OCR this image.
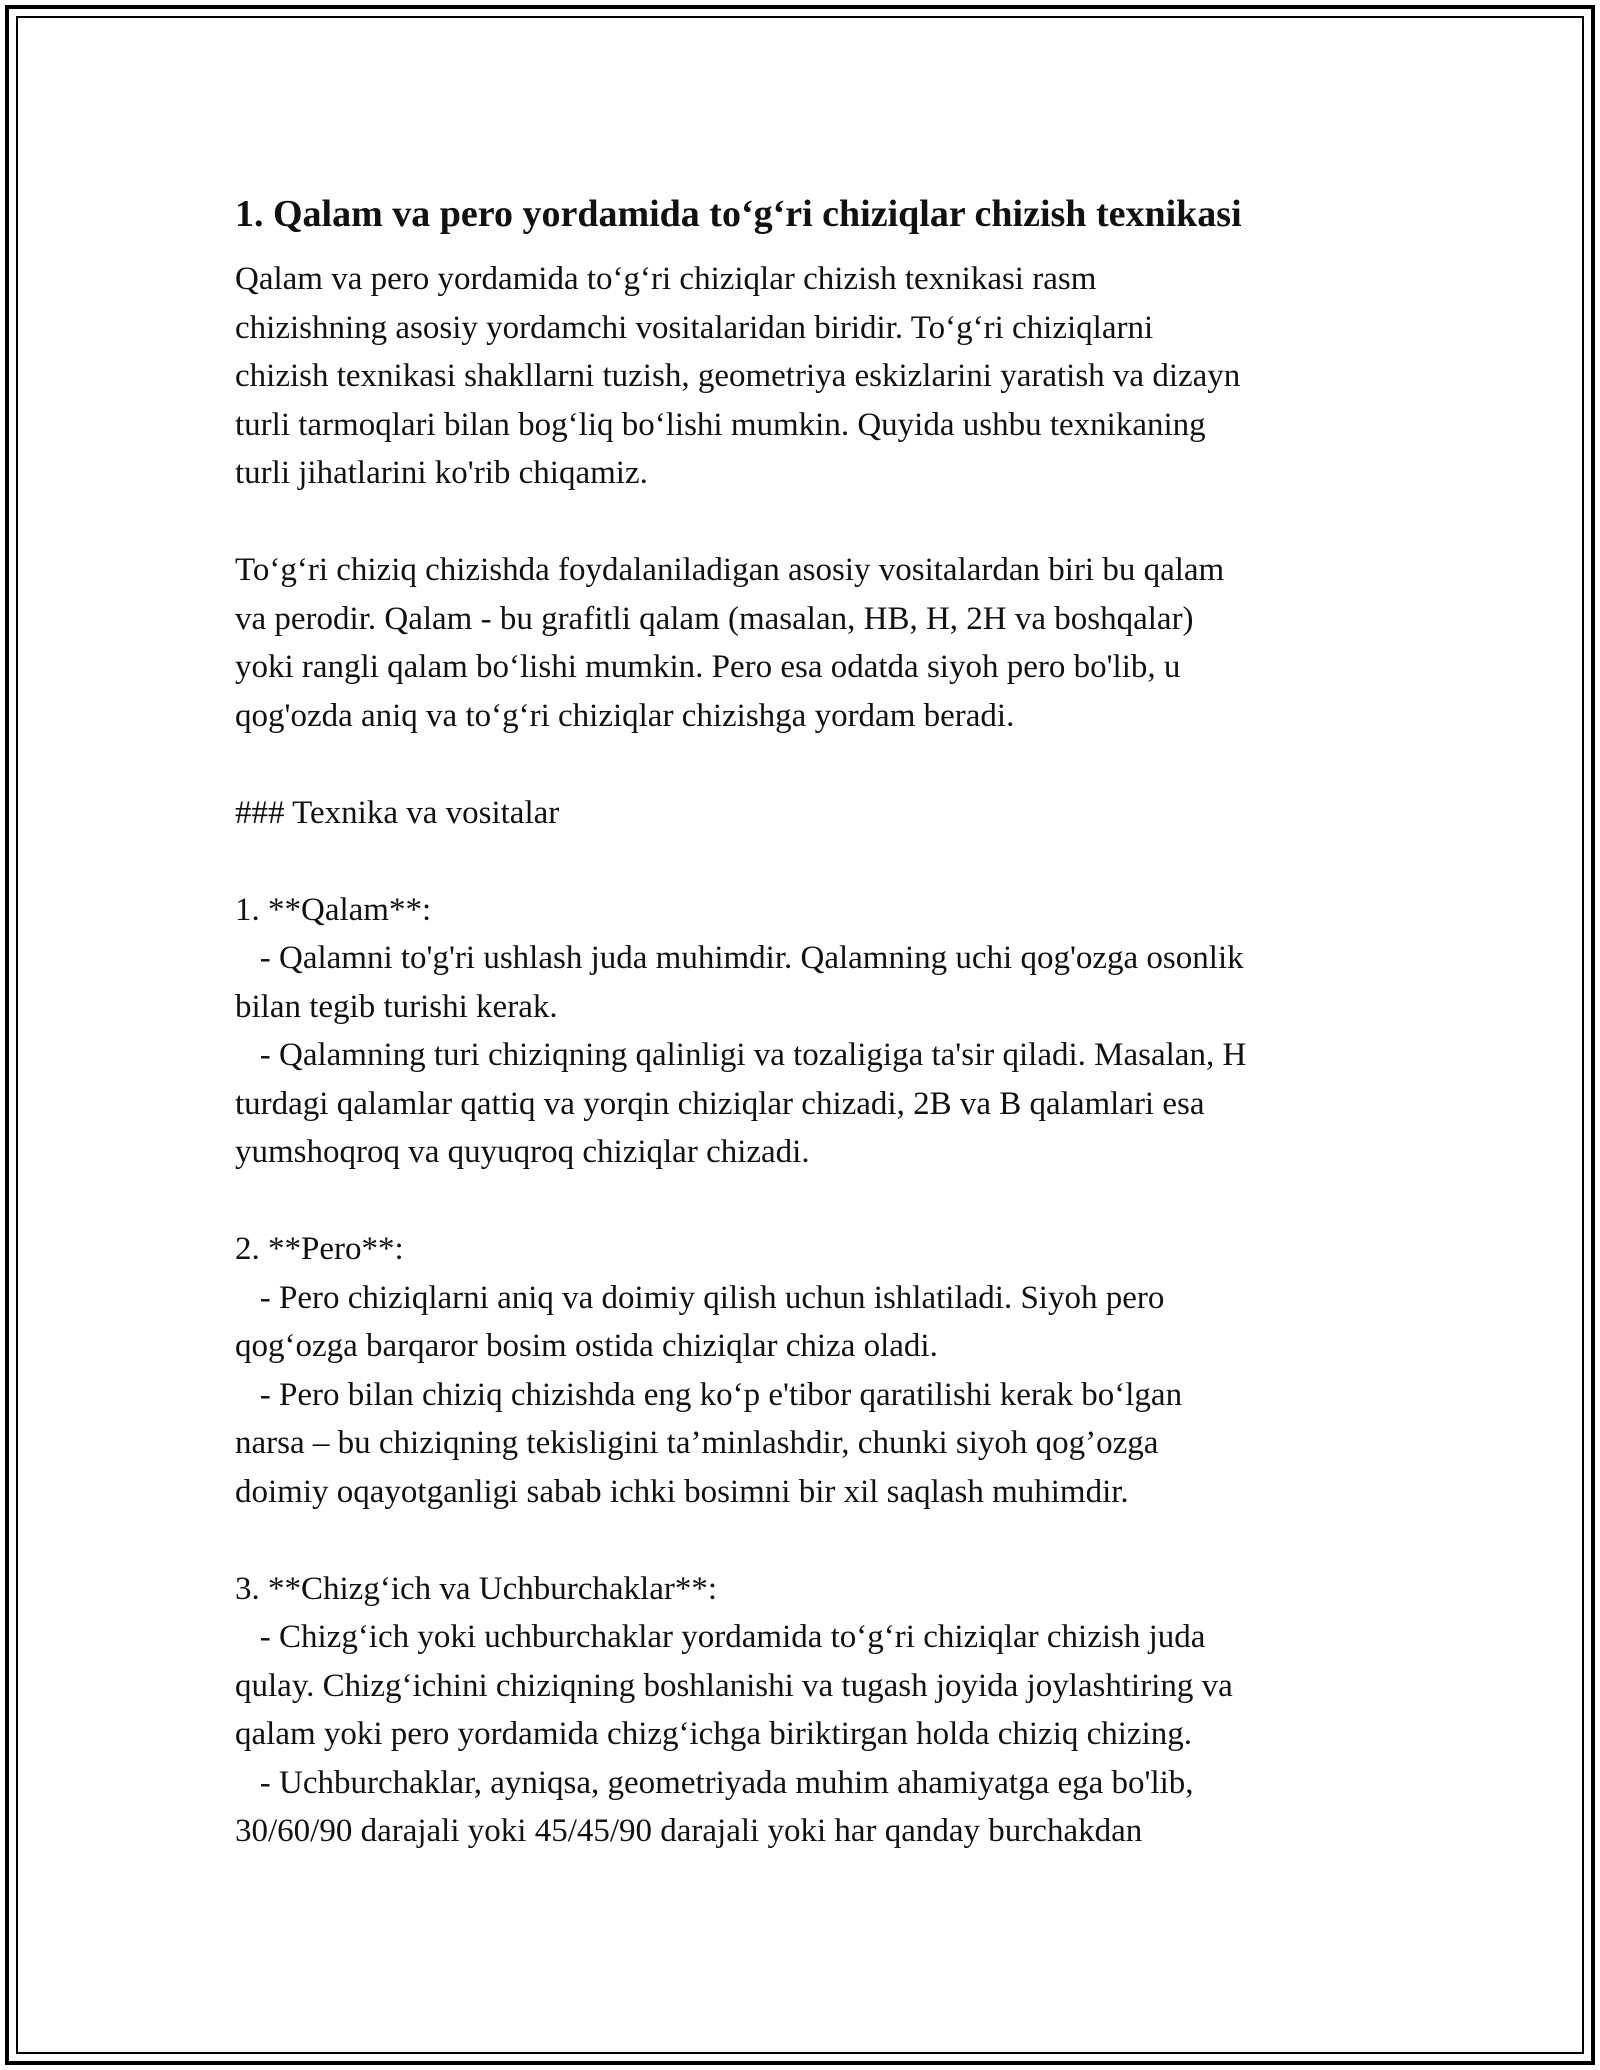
1. Qalam va pero yordamida to‘g‘ri chiziqlar chizish texnikasi
Qalam va pero yordamida to‘g‘ri chiziqlar chizish texnikasi rasm
chizishning asosiy yordamchi vositalaridan biridir. To‘g‘ri chiziqlarni
chizish texnikasi shakllarni tuzish, geometriya eskizlarini yaratish va dizayn
turli tarmoqlari bilan bog‘liq bo‘lishi mumkin. Quyida ushbu texnikaning
turli jihatlarini ko'rib chiqamiz.
To‘g‘ri chiziq chizishda foydalaniladigan asosiy vositalardan biri bu qalam
va perodir. Qalam - bu grafitli qalam (masalan, HB, H, 2H va boshqalar)
yoki rangli qalam bo‘lishi mumkin. Pero esa odatda siyoh pero bo'lib, u
qog'ozda aniq va to‘g‘ri chiziqlar chizishga yordam beradi.
### Texnika va vositalar
1. **Qalam**:
- Qalamni to'g'ri ushlash juda muhimdir. Qalamning uchi qog'ozga osonlik
bilan tegib turishi kerak.
- Qalamning turi chiziqning qalinligi va tozaligiga ta'sir qiladi. Masalan, H
turdagi qalamlar qattiq va yorqin chiziqlar chizadi, 2B va B qalamlari esa
yumshoqroq va quyuqroq chiziqlar chizadi.
2. **Pero**:
- Pero chiziqlarni aniq va doimiy qilish uchun ishlatiladi. Siyoh pero
qog‘ozga barqaror bosim ostida chiziqlar chiza oladi.
- Pero bilan chiziq chizishda eng ko‘p e'tibor qaratilishi kerak bo‘lgan
narsa – bu chiziqning tekisligini ta’minlashdir, chunki siyoh qog’ozga
doimiy oqayotganligi sabab ichki bosimni bir xil saqlash muhimdir.
3. **Chizg‘ich va Uchburchaklar**:
- Chizg‘ich yoki uchburchaklar yordamida to‘g‘ri chiziqlar chizish juda
qulay. Chizg‘ichini chiziqning boshlanishi va tugash joyida joylashtiring va
qalam yoki pero yordamida chizg‘ichga biriktirgan holda chiziq chizing.
- Uchburchaklar, ayniqsa, geometriyada muhim ahamiyatga ega bo'lib,
30/60/90 darajali yoki 45/45/90 darajali yoki har qanday burchakdan
